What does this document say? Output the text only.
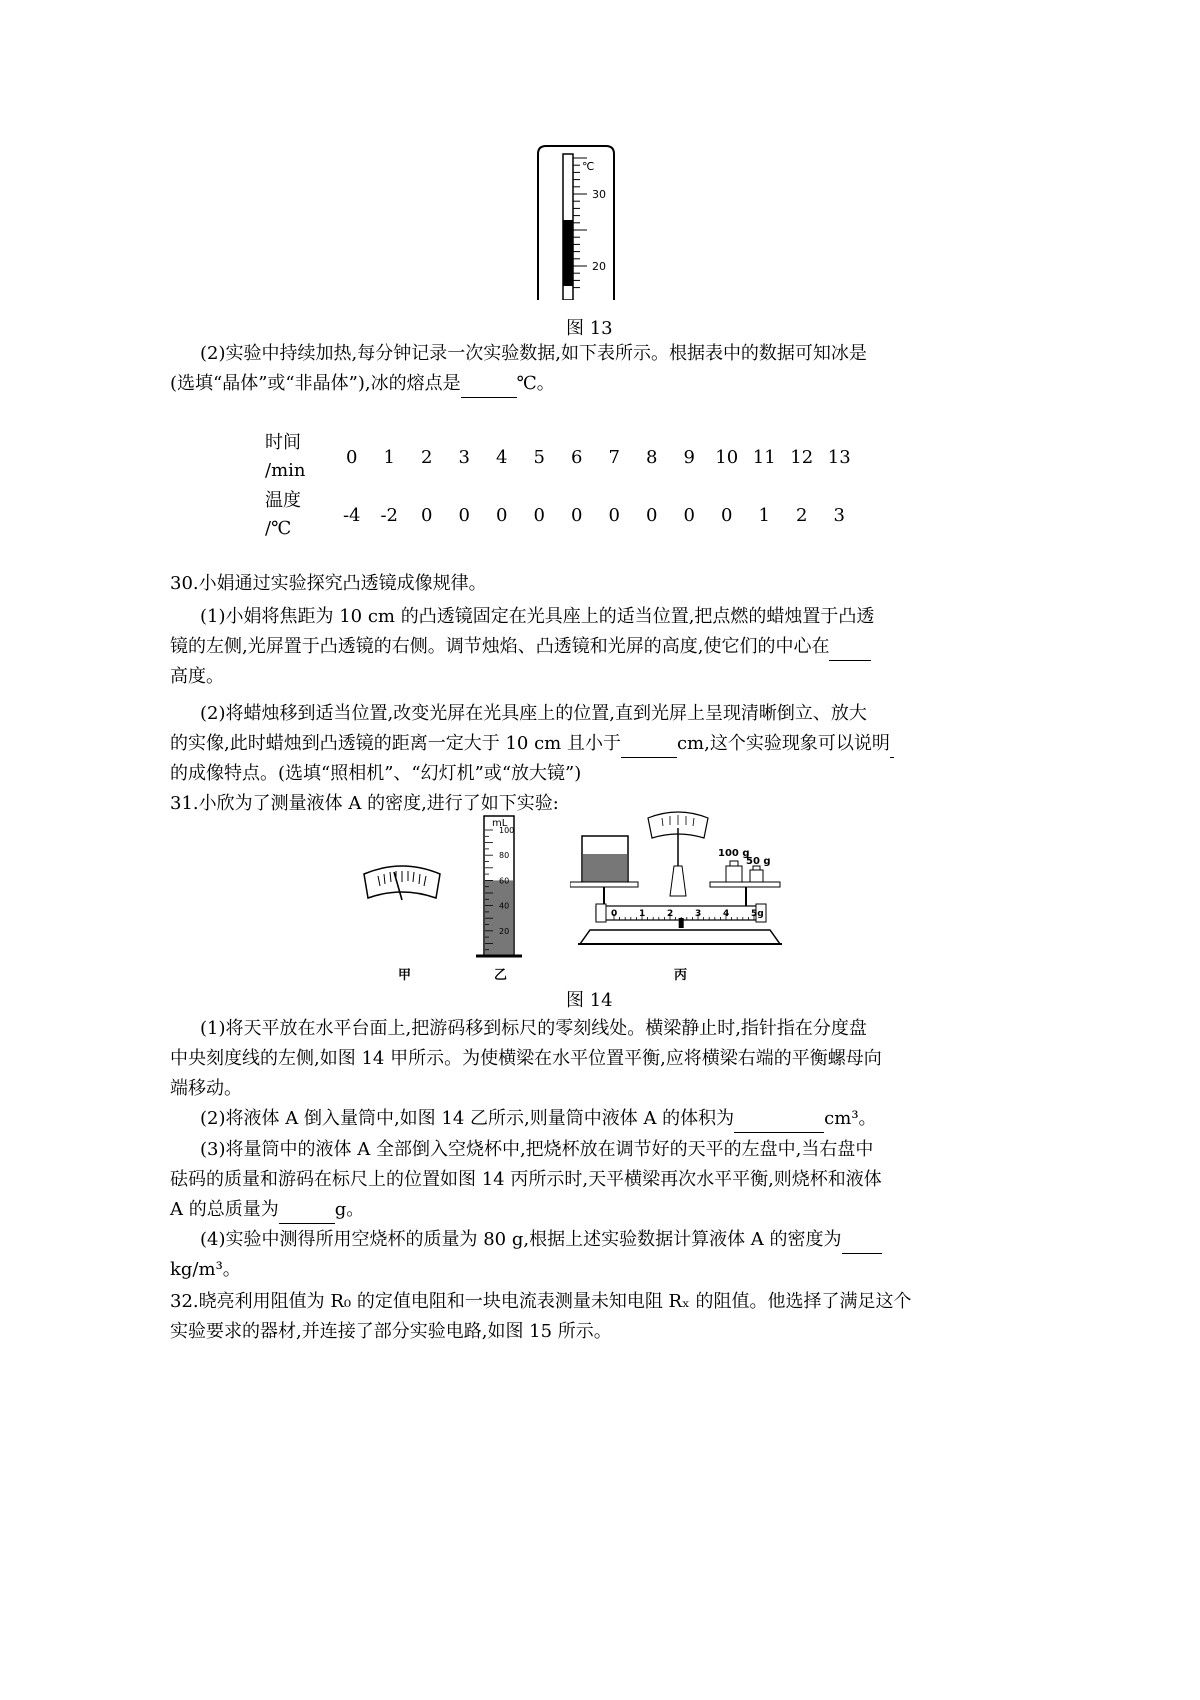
℃
30
20
图 13
(2)实验中持续加热,每分钟记录一次实验数据,如下表所示。根据表中的数据可知冰是
(选填“晶体”或“非晶体”),冰的熔点是	℃。
时间
/min	0	1	2	3	4	5	6	7	8	9	10	11	12	13
温度
/℃	-4	-2	0	0	0	0	0	0	0	0	0	1	2	3
30.小娟通过实验探究凸透镜成像规律。
(1)小娟将焦距为 10 cm 的凸透镜固定在光具座上的适当位置,把点燃的蜡烛置于凸透
镜的左侧,光屏置于凸透镜的右侧。调节烛焰、凸透镜和光屏的高度,使它们的中心在
高度。
(2)将蜡烛移到适当位置,改变光屏在光具座上的位置,直到光屏上呈现清晰倒立、放大
的实像,此时蜡烛到凸透镜的距离一定大于 10 cm 且小于	cm,这个实验现象可以说明
的成像特点。(选填“照相机”、“幻灯机”或“放大镜”)
31.小欣为了测量液体 A 的密度,进行了如下实验:
甲
mL
100
80
60
40
20
乙
100 g
50 g
0 1 2 3 4 5g
丙
图 14
(1)将天平放在水平台面上,把游码移到标尺的零刻线处。横梁静止时,指针指在分度盘
中央刻度线的左侧,如图 14 甲所示。为使横梁在水平位置平衡,应将横梁右端的平衡螺母向
端移动。
(2)将液体 A 倒入量筒中,如图 14 乙所示,则量筒中液体 A 的体积为	cm³。
(3)将量筒中的液体 A 全部倒入空烧杯中,把烧杯放在调节好的天平的左盘中,当右盘中
砝码的质量和游码在标尺上的位置如图 14 丙所示时,天平横梁再次水平平衡,则烧杯和液体
A 的总质量为	g。
(4)实验中测得所用空烧杯的质量为 80 g,根据上述实验数据计算液体 A 的密度为
kg/m³。
32.晓亮利用阻值为 R₀ 的定值电阻和一块电流表测量未知电阻 Rₓ 的阻值。他选择了满足这个
实验要求的器材,并连接了部分实验电路,如图 15 所示。
